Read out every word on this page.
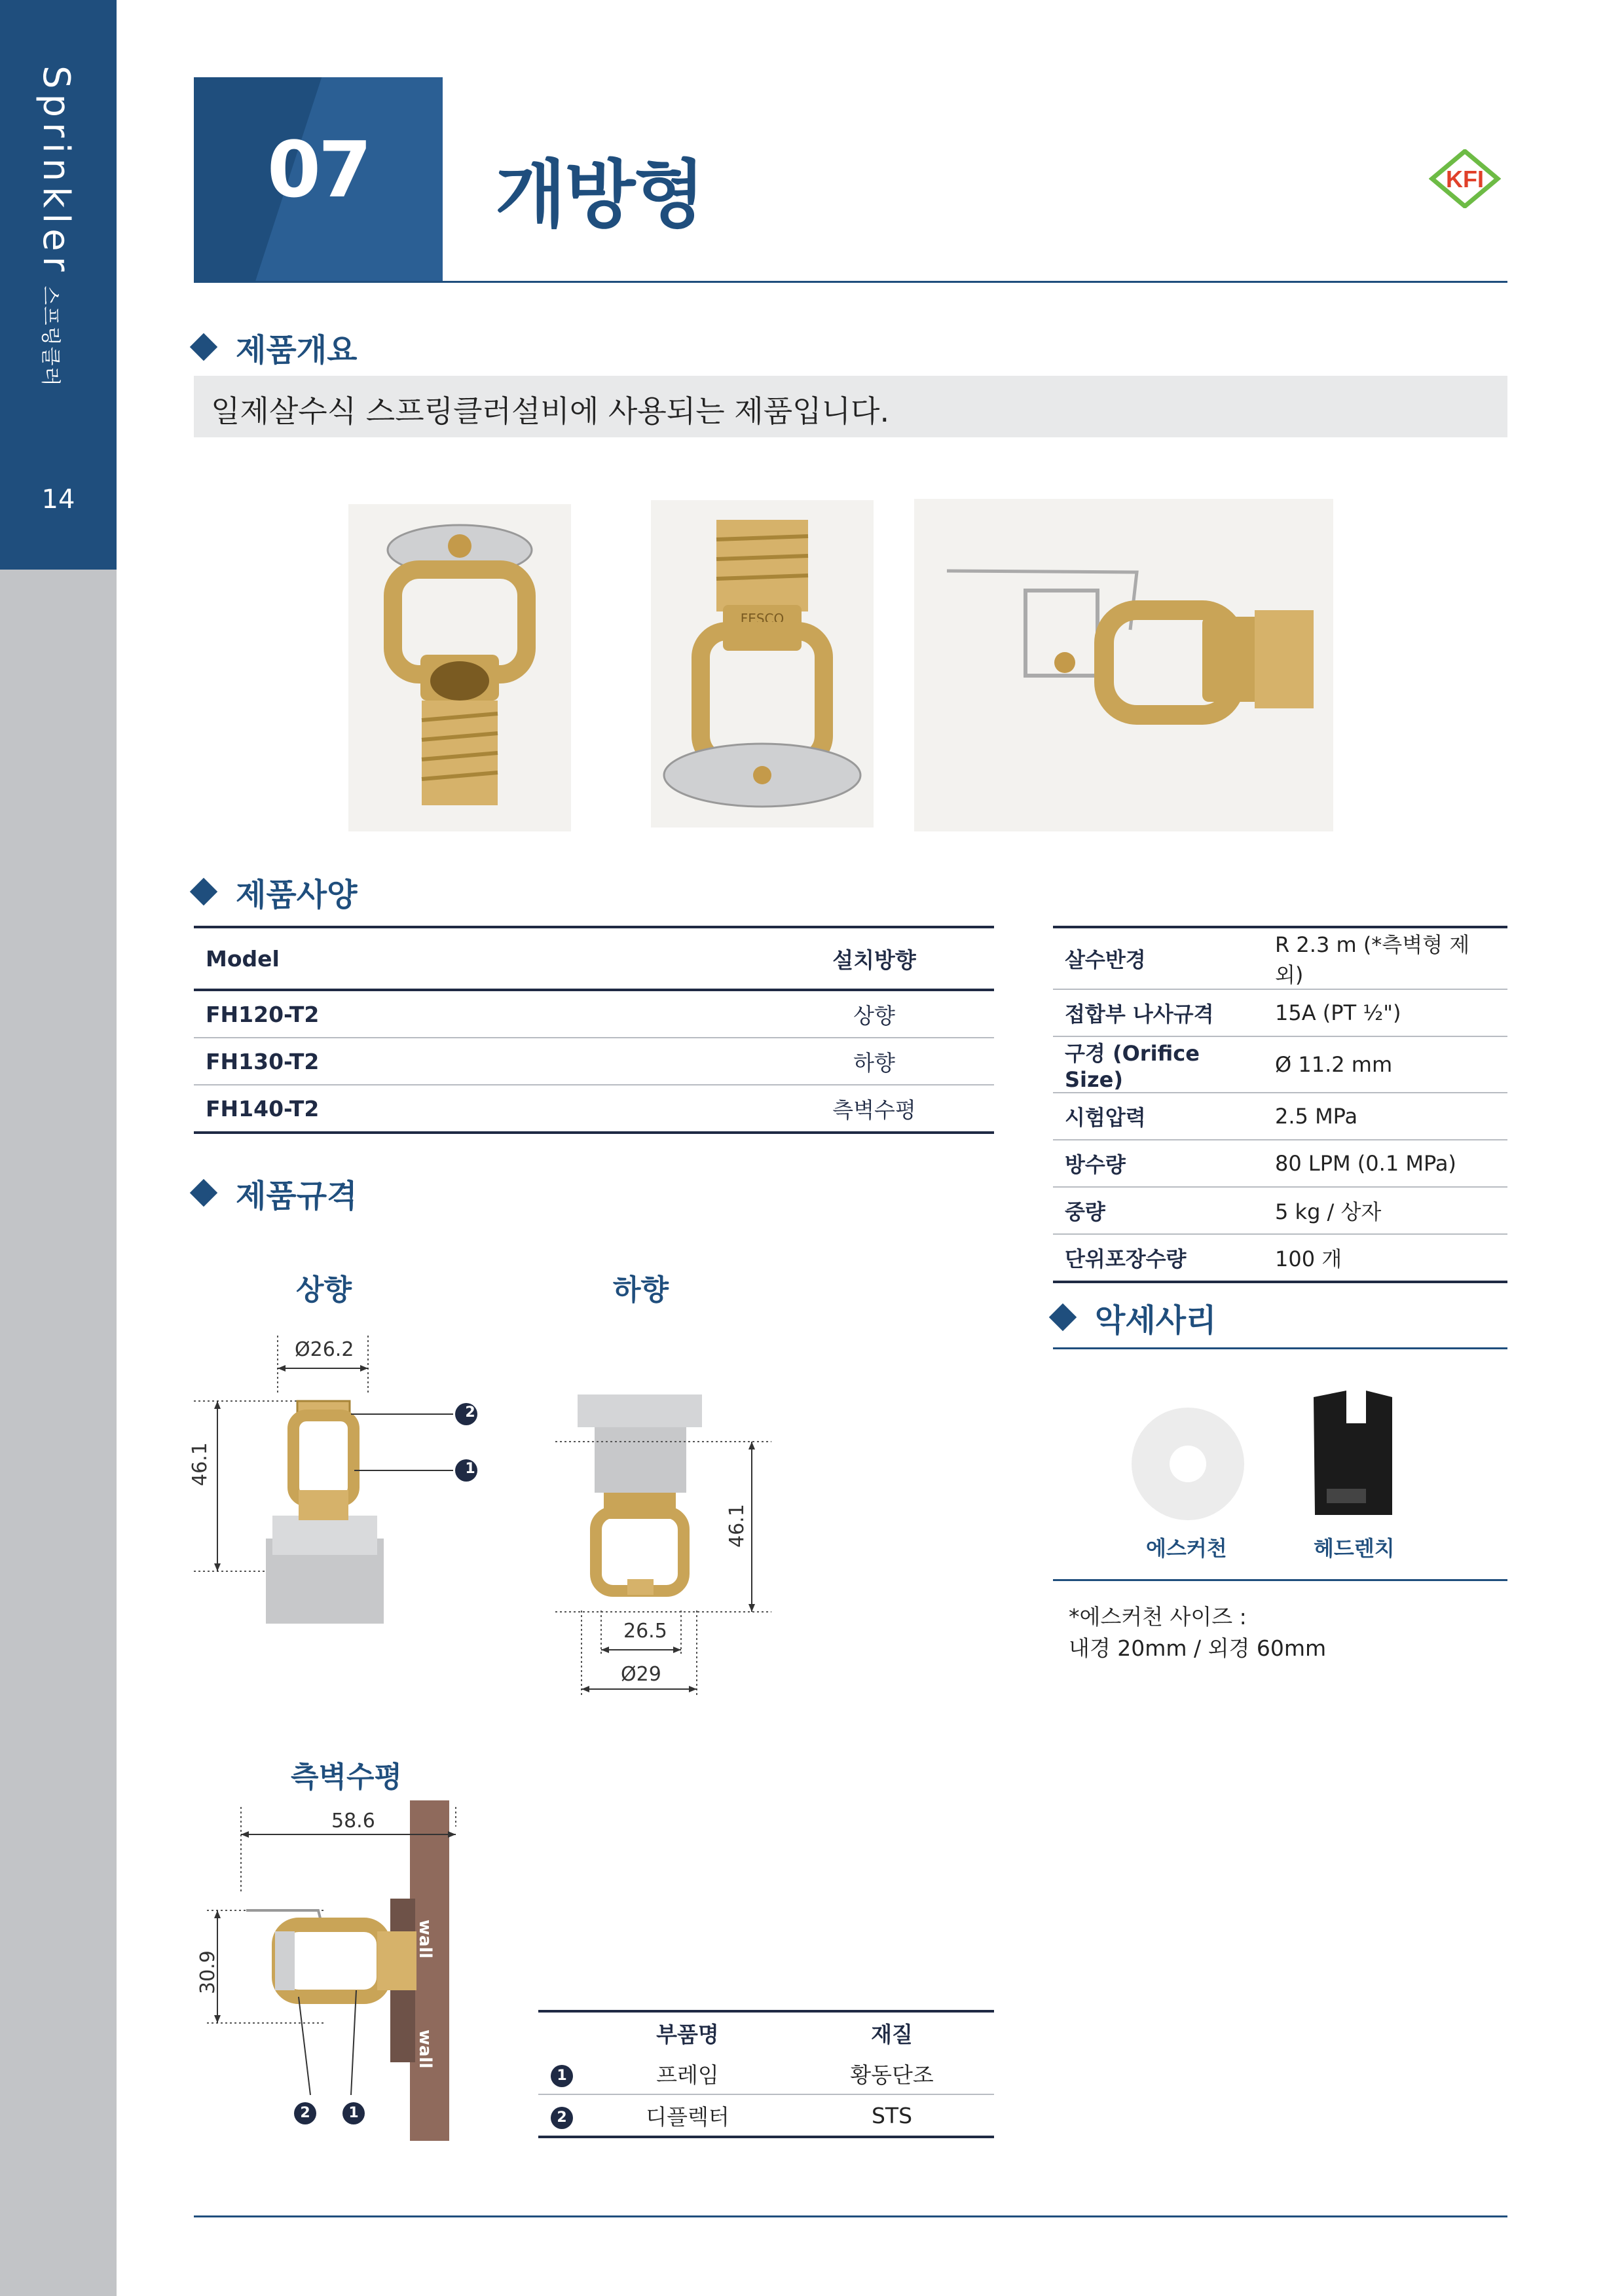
Sprinkler스프링클러
14
07	개방형	KFI
제품개요
일제살수식 스프링클러설비에 사용되는 제품입니다.
FESCO
제품사양
Model	설치방향
FH120-T2	상향
FH130-T2	하향
FH140-T2	측벽수평
살수반경	R 2.3 m (*측벽형 제외)
접합부 나사규격	15A (PT ½")
구경 (Orifice Size)	Ø 11.2 mm
시험압력	2.5 MPa
방수량	80 LPM (0.1 MPa)
중량	5 kg / 상자
단위포장수량	100 개
제품규격
상향	하향
Ø26.2
46.1
2
1
46.1
26.5
Ø29
측벽수평
58.6
30.9
wall
wall
2	1
	부품명	재질
1	프레임	황동단조
2	디플렉터	STS
악세사리
에스커천	헤드렌치
*에스커천 사이즈 :
내경 20mm / 외경 60mm
